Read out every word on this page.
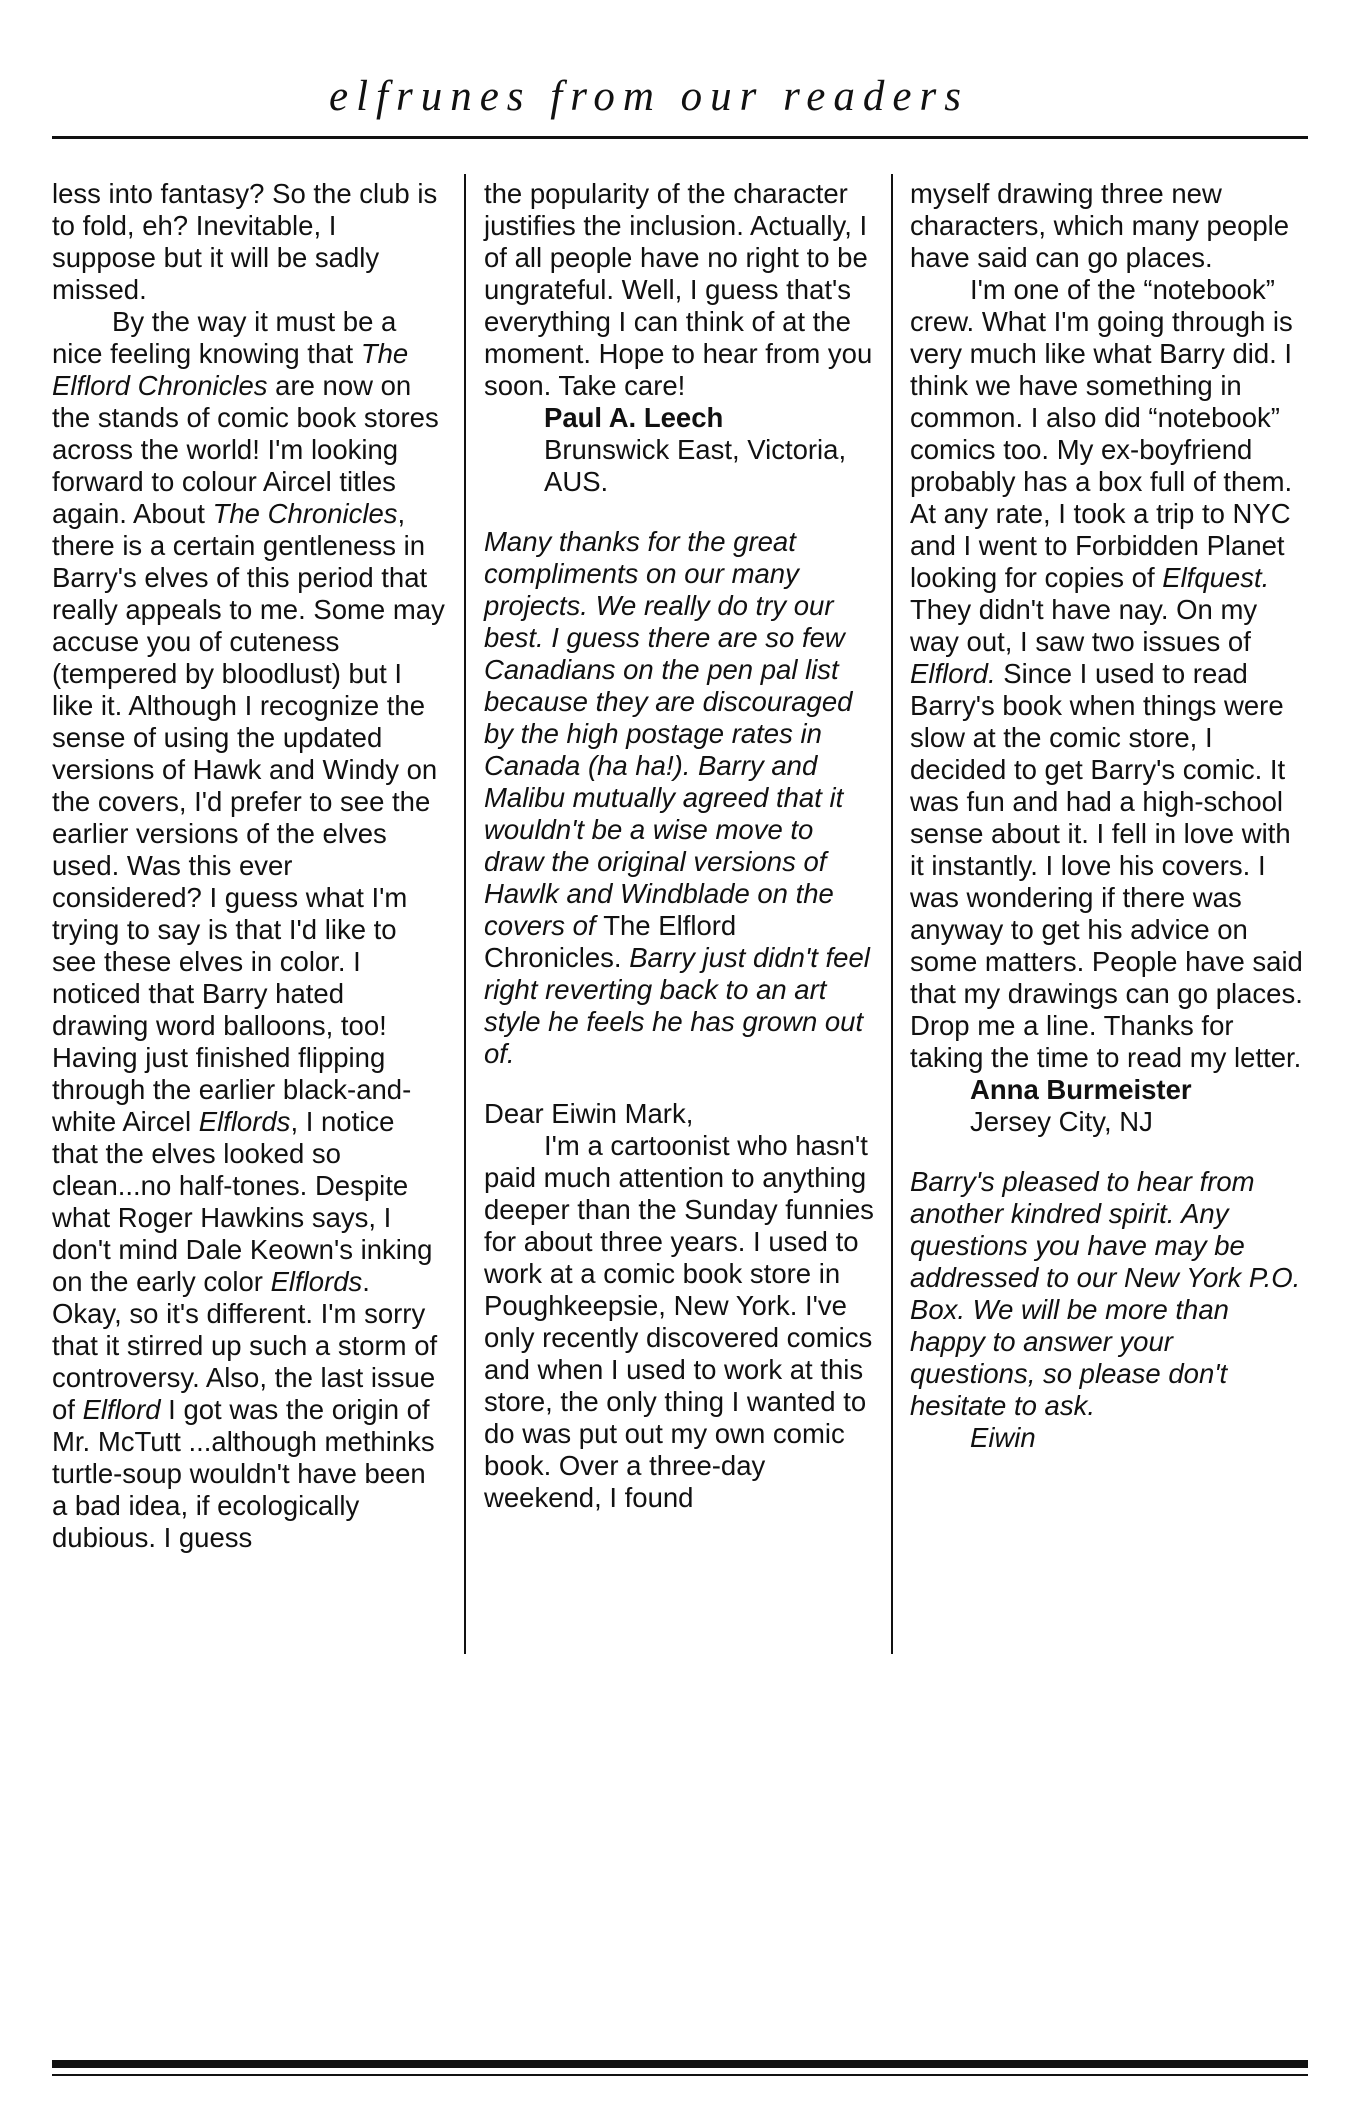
elfrunes from our readers

less into fantasy? So the club is to fold, eh? Inevitable, I suppose but it will be sadly missed.

By the way it must be a nice feeling knowing that The Elflord Chronicles are now on the stands of comic book stores across the world! I'm looking forward to colour Aircel titles again. About The Chronicles, there is a certain gentleness in Barry's elves of this period that really appeals to me. Some may accuse you of cuteness (tempered by bloodlust) but I like it. Although I recognize the sense of using the updated versions of Hawk and Windy on the covers, I'd prefer to see the earlier versions of the elves used. Was this ever considered? I guess what I'm trying to say is that I'd like to see these elves in color. I noticed that Barry hated drawing word balloons, too! Having just finished flipping through the earlier black-and-white Aircel Elflords, I notice that the elves looked so clean...no half-tones. Despite what Roger Hawkins says, I don't mind Dale Keown's inking on the early color Elflords. Okay, so it's different. I'm sorry that it stirred up such a storm of controversy. Also, the last issue of Elflord I got was the origin of Mr. McTutt ...although methinks turtle-soup wouldn't have been a bad idea, if ecologically dubious. I guess

the popularity of the character justifies the inclusion. Actually, I of all people have no right to be ungrateful. Well, I guess that's everything I can think of at the moment. Hope to hear from you soon. Take care!

Paul A. Leech

Brunswick East, Victoria, AUS.

Many thanks for the great compliments on our many projects. We really do try our best. I guess there are so few Canadians on the pen pal list because they are discouraged by the high postage rates in Canada (ha ha!). Barry and Malibu mutually agreed that it wouldn't be a wise move to draw the original versions of Hawlk and Windblade on the covers of The Elflord Chronicles. Barry just didn't feel right reverting back to an art style he feels he has grown out of.

Dear Eiwin Mark,

I'm a cartoonist who hasn't paid much attention to anything deeper than the Sunday funnies for about three years. I used to work at a comic book store in Poughkeepsie, New York. I've only recently discovered comics and when I used to work at this store, the only thing I wanted to do was put out my own comic book. Over a three-day weekend, I found

myself drawing three new characters, which many people have said can go places.

I'm one of the “notebook” crew. What I'm going through is very much like what Barry did. I think we have something in common. I also did “notebook” comics too. My ex-boyfriend probably has a box full of them. At any rate, I took a trip to NYC and I went to Forbidden Planet looking for copies of Elfquest. They didn't have nay. On my way out, I saw two issues of Elflord. Since I used to read Barry's book when things were slow at the comic store, I decided to get Barry's comic. It was fun and had a high-school sense about it. I fell in love with it instantly. I love his covers. I was wondering if there was anyway to get his advice on some matters. People have said that my drawings can go places. Drop me a line. Thanks for taking the time to read my letter.

Anna Burmeister

Jersey City, NJ

Barry's pleased to hear from another kindred spirit. Any questions you have may be addressed to our New York P.O. Box. We will be more than happy to answer your questions, so please don't hesitate to ask.

Eiwin
